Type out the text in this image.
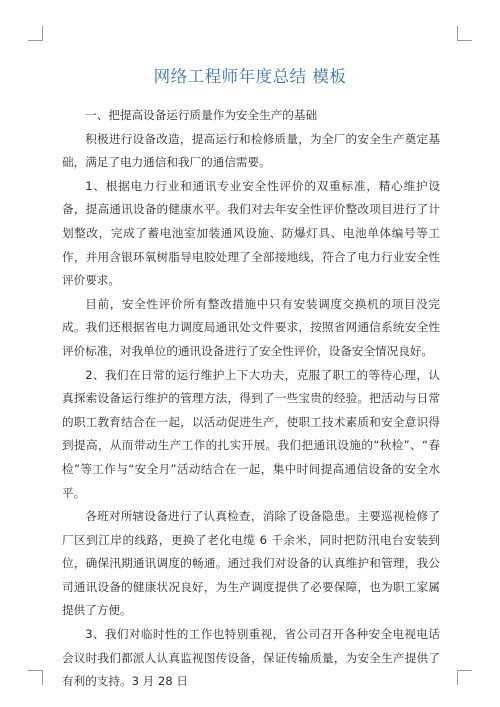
网络工程师年度总结 模板

一、把提高设备运行质量作为安全生产的基础

积极进行设备改造，提高运行和检修质量，为全厂的安全生产奠定基础，满足了电力通信和我厂的通信需要。

1、根据电力行业和通讯专业安全性评价的双重标准，精心维护设备，提高通讯设备的健康水平。我们对去年安全性评价整改项目进行了计划整改，完成了蓄电池室加装通风设施、防爆灯具、电池单体编号等工作，并用含银环氧树脂导电胶处理了全部接地线，符合了电力行业安全性评价要求。

目前，安全性评价所有整改措施中只有安装调度交换机的项目没完成。我们还根据省电力调度局通讯处文件要求，按照省网通信系统安全性评价标准，对我单位的通讯设备进行了安全性评价，设备安全情况良好。

2、我们在日常的运行维护上下大功夫，克服了职工的等待心理，认真探索设备运行维护的管理方法，得到了一些宝贵的经验。把活动与日常的职工教育结合在一起，以活动促进生产，使职工技术素质和安全意识得到提高，从而带动生产工作的扎实开展。我们把通讯设施的“秋检”、“春检”等工作与“安全月”活动结合在一起，集中时间提高通信设备的安全水平。

各班对所辖设备进行了认真检查，消除了设备隐患。主要巡视检修了厂区到江岸的线路，更换了老化电缆 6 千余米，同时把防汛电台安装到位，确保汛期通讯调度的畅通。通过我们对设备的认真维护和管理，我公司通讯设备的健康状况良好，为生产调度提供了必要保障，也为职工家属提供了方便。

3、我们对临时性的工作也特别重视，省公司召开各种安全电视电话会议时我们都派人认真监视图传设备，保证传输质量，为安全生产提供了有利的支持。3 月 28 日
